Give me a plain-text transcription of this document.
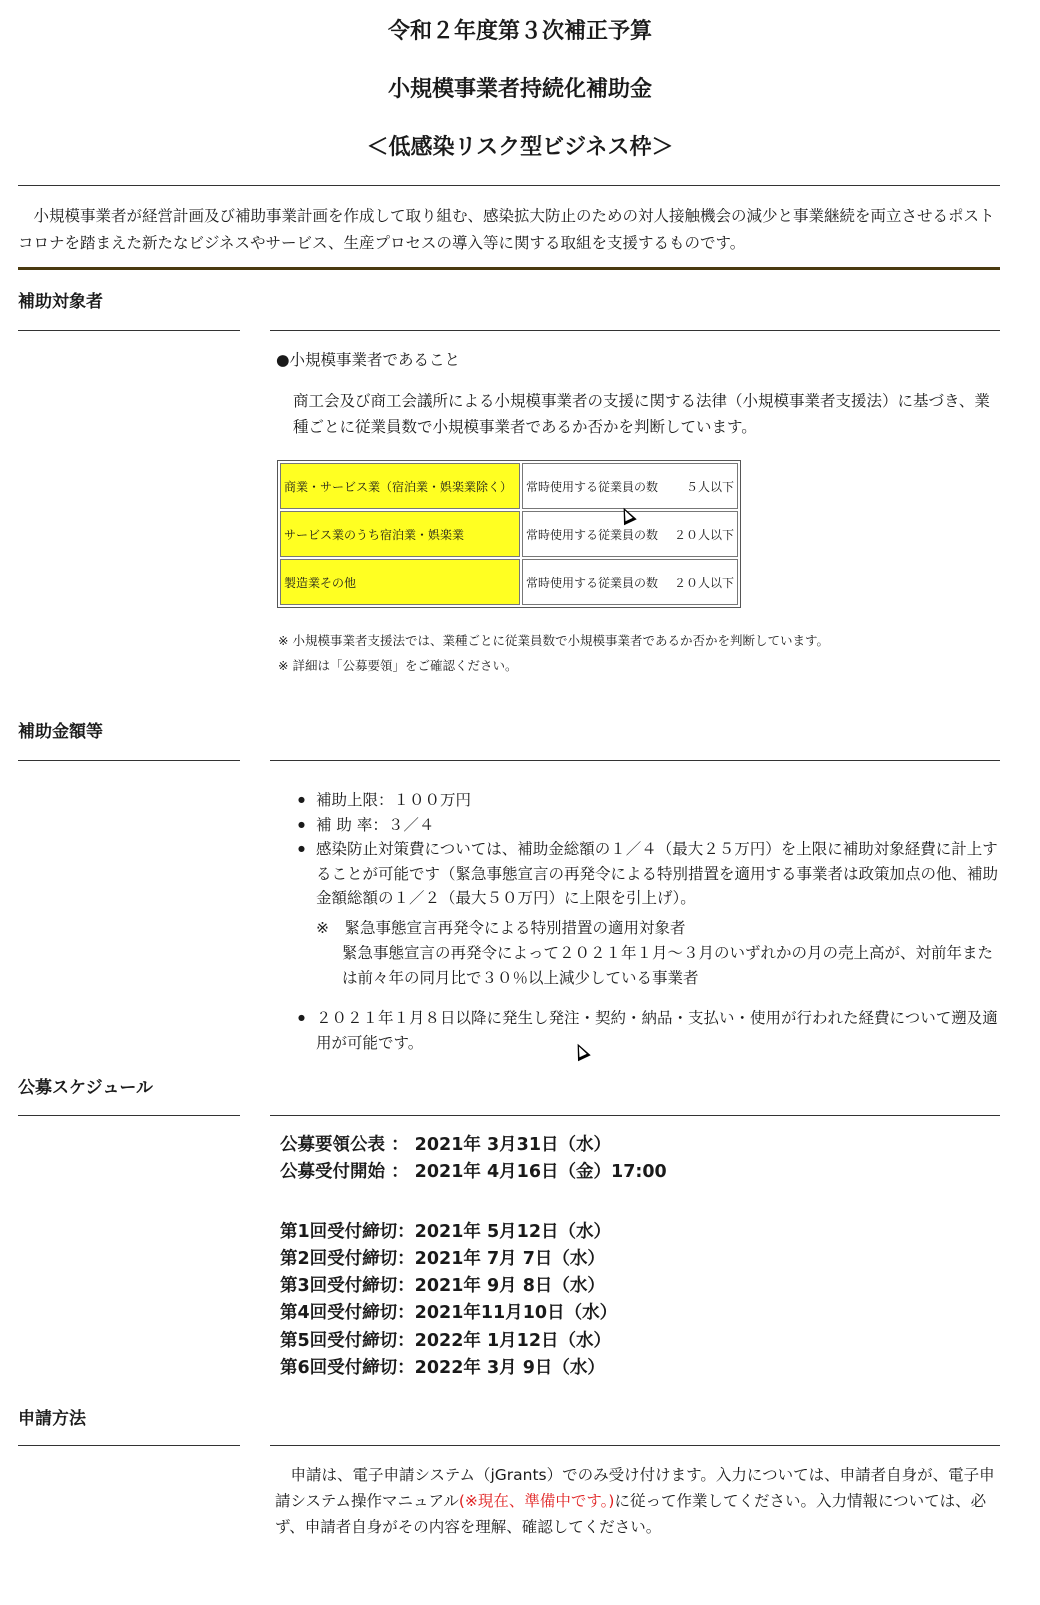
令和２年度第３次補正予算
小規模事業者持続化補助金
＜低感染リスク型ビジネス枠＞
　小規模事業者が経営計画及び補助事業計画を作成して取り組む、感染拡大防止のための対人接触機会の減少と事業継続を両立させるポストコロナを踏まえた新たなビジネスやサービス、生産プロセスの導入等に関する取組を支援するものです。
補助対象者
●小規模事業者であること
商工会及び商工会議所による小規模事業者の支援に関する法律（小規模事業者支援法）に基づき、業種ごとに従業員数で小規模事業者であるか否かを判断しています。
商業・サービス業（宿泊業・娯楽業除く）	常時使用する従業員の数 ５人以下

サービス業のうち宿泊業・娯楽業	常時使用する従業員の数 ２０人以下

製造業その他	常時使用する従業員の数 ２０人以下
※ 小規模事業者支援法では、業種ごとに従業員数で小規模事業者であるか否かを判断しています。
※ 詳細は「公募要領」をご確認ください。
補助金額等
● 補助上限：１００万円
● 補 助 率：３／４
● 感染防止対策費については、補助金総額の１／４（最大２５万円）を上限に補助対象経費に計上することが可能です（緊急事態宣言の再発令による特別措置を適用する事業者は政策加点の他、補助金額総額の１／２（最大５０万円）に上限を引上げ）。
※　緊急事態宣言再発令による特別措置の適用対象者
緊急事態宣言の再発令によって２０２１年１月～３月のいずれかの月の売上高が、対前年または前々年の同月比で３０％以上減少している事業者
● ２０２１年１月８日以降に発生し発注・契約・納品・支払い・使用が行われた経費について遡及適用が可能です。
公募スケジュール
公募要領公表 ： 2021年 3月31日（水）
公募受付開始 ： 2021年 4月16日（金）17:00
第1回受付締切：2021年 5月12日（水）
第2回受付締切：2021年 7月 7日（水）
第3回受付締切：2021年 9月 8日（水）
第4回受付締切：2021年11月10日（水）
第5回受付締切：2022年 1月12日（水）
第6回受付締切：2022年 3月 9日（水）
申請方法
　申請は、電子申請システム（jGrants）でのみ受け付けます。入力については、申請者自身が、電子申請システム操作マニュアル(※現在、準備中です。)に従って作業してください。入力情報については、必ず、申請者自身がその内容を理解、確認してください。
